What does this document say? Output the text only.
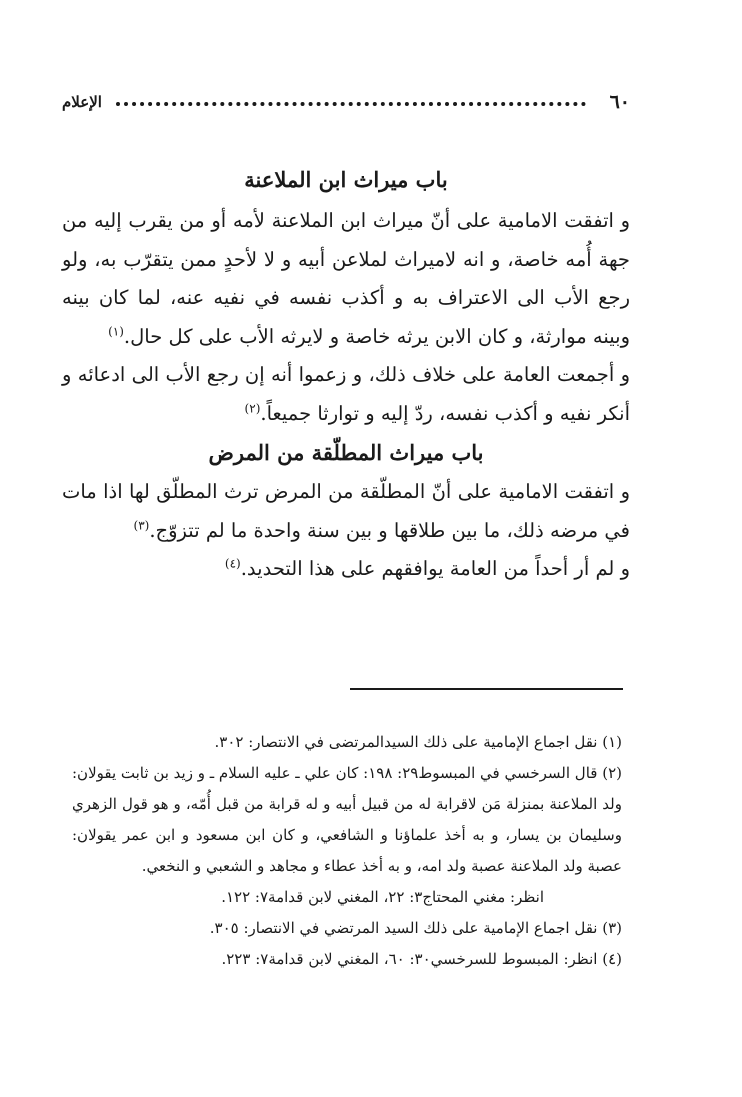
٦٠
الإعلام
باب ميراث ابن الملاعنة

و اتفقت الامامية على أنّ ميراث ابن الملاعنة لأمه أو من يقرب إليه من جهة أُمه خاصة، و انه لاميراث لملاعن أبيه و لا لأحدٍ ممن يتقرّب به، ولو رجع الأب الى الاعتراف به و أكذب نفسه في نفيه عنه، لما كان بينه وبينه موارثة، و كان الابن يرثه خاصة و لايرثه الأب على كل حال.$^{(١)}$

و أجمعت العامة على خلاف ذلك، و زعموا أنه إن رجع الأب الى ادعائه و أنكر نفيه و أكذب نفسه، ردّ إليه و توارثا جميعاً.$^{(٢)}$

باب ميراث المطلّقة من المرض

و اتفقت الامامية على أنّ المطلّقة من المرض ترث المطلّق لها اذا مات في مرضه ذلك، ما بين طلاقها و بين سنة واحدة ما لم تتزوّج.$^{(٣)}$

و لم أر أحداً من العامة يوافقهم على هذا التحديد.$^{(٤)}$

(١) نقل اجماع الإمامية على ذلك السيدالمرتضى في الانتصار: ٣٠٢.

(٢) قال السرخسي في المبسوط٢٩: ١٩٨: كان علي ـ عليه السلام ـ و زيد بن ثابت يقولان: ولد الملاعنة بمنزلة مَن لاقرابة له من قبيل أبيه و له قرابة من قبل أُمّه، و هو قول الزهري وسليمان بن يسار، و به أخذ علماؤنا و الشافعي، و كان ابن مسعود و ابن عمر يقولان: عصبة ولد الملاعنة عصبة ولد امه، و به أخذ عطاء و مجاهد و الشعبي و النخعي.

انظر: مغني المحتاج٣: ٢٢، المغني لابن قدامة٧: ١٢٢.

(٣) نقل اجماع الإمامية على ذلك السيد المرتضي في الانتصار: ٣٠٥.

(٤) انظر: المبسوط للسرخسي٣٠: ٦٠، المغني لابن قدامة٧: ٢٢٣.
